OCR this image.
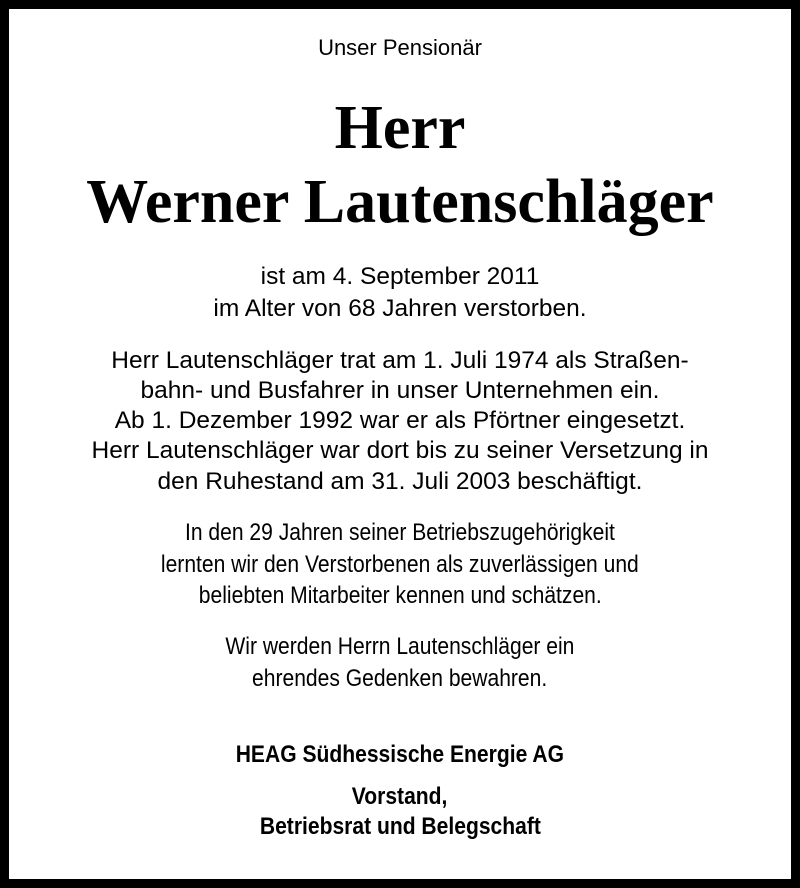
Unser Pensionär
Herr
Werner Lautenschläger
ist am 4. September 2011
im Alter von 68 Jahren verstorben.
Herr Lautenschläger trat am 1. Juli 1974 als Straßen-
bahn- und Busfahrer in unser Unternehmen ein.
Ab 1. Dezember 1992 war er als Pförtner eingesetzt.
Herr Lautenschläger war dort bis zu seiner Versetzung in
den Ruhestand am 31. Juli 2003 beschäftigt.
In den 29 Jahren seiner Betriebszugehörigkeit
lernten wir den Verstorbenen als zuverlässigen und
beliebten Mitarbeiter kennen und schätzen.
Wir werden Herrn Lautenschläger ein
ehrendes Gedenken bewahren.
HEAG Südhessische Energie AG
Vorstand,
Betriebsrat und Belegschaft
